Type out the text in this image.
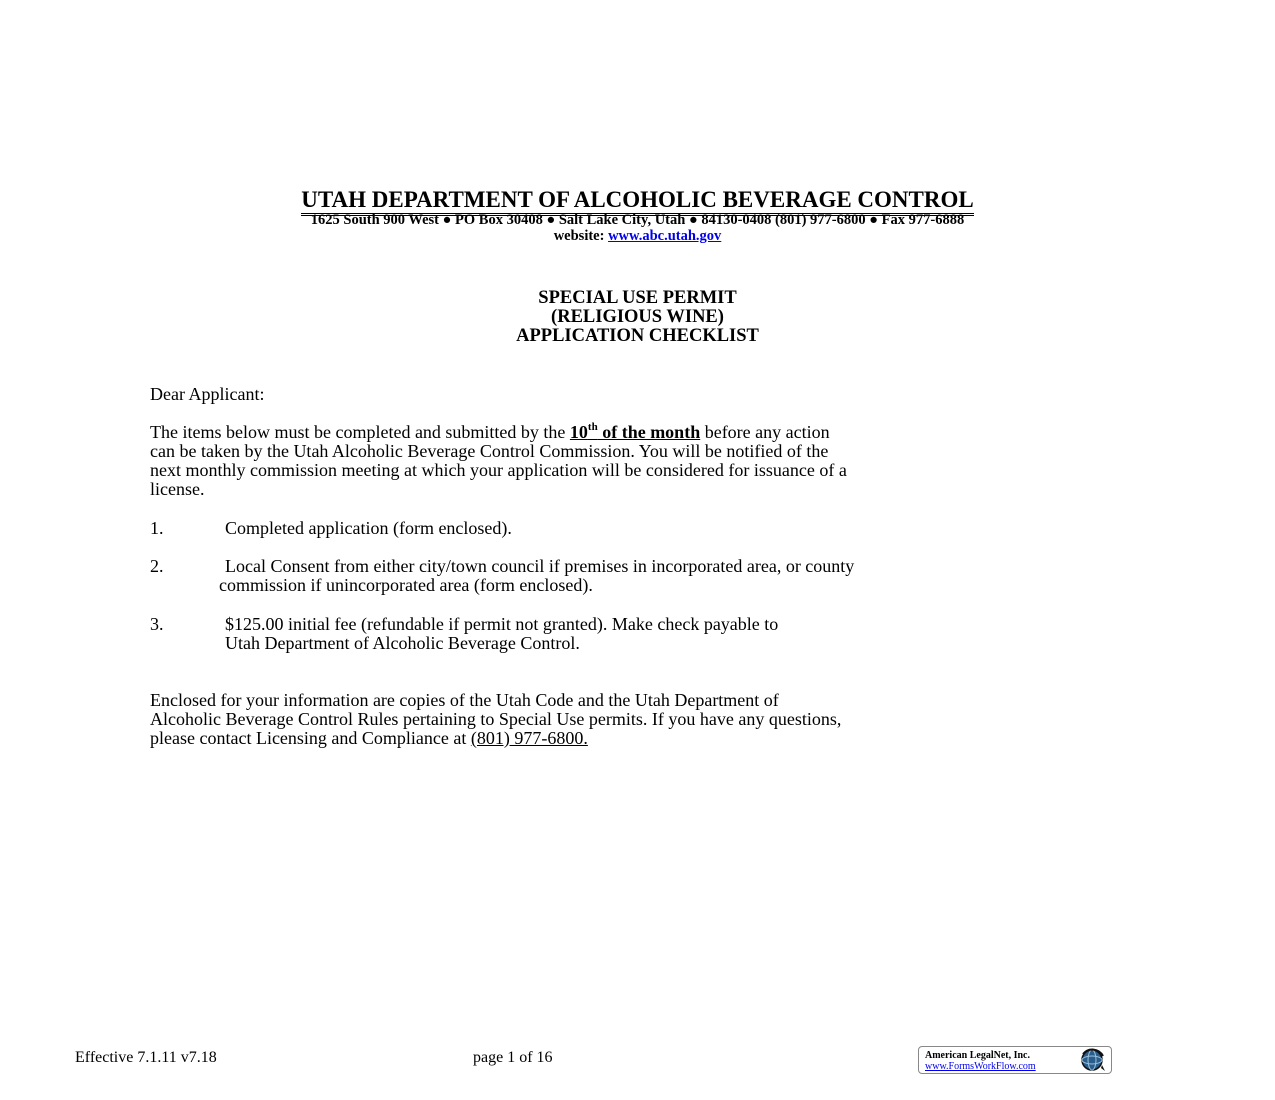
UTAH DEPARTMENT OF ALCOHOLIC BEVERAGE CONTROL
1625 South 900 West ● PO Box 30408 ● Salt Lake City, Utah ● 84130-0408 (801) 977-6800 ● Fax 977-6888
website: www.abc.utah.gov
SPECIAL USE PERMIT
(RELIGIOUS WINE)
APPLICATION CHECKLIST
Dear Applicant:
The items below must be completed and submitted by the 10th of the month before any action
can be taken by the Utah Alcoholic Beverage Control Commission. You will be notified of the
next monthly commission meeting at which your application will be considered for issuance of a
license.
1.	Completed application (form enclosed).
2.	Local Consent from either city/town council if premises in incorporated area, or county
commission if unincorporated area (form enclosed).
3.	$125.00 initial fee (refundable if permit not granted). Make check payable to
Utah Department of Alcoholic Beverage Control.
Enclosed for your information are copies of the Utah Code and the Utah Department of
Alcoholic Beverage Control Rules pertaining to Special Use permits. If you have any questions,
please contact Licensing and Compliance at (801) 977-6800.
Effective 7.1.11 v7.18	page 1 of 16	American LegalNet, Inc.
www.FormsWorkFlow.com
